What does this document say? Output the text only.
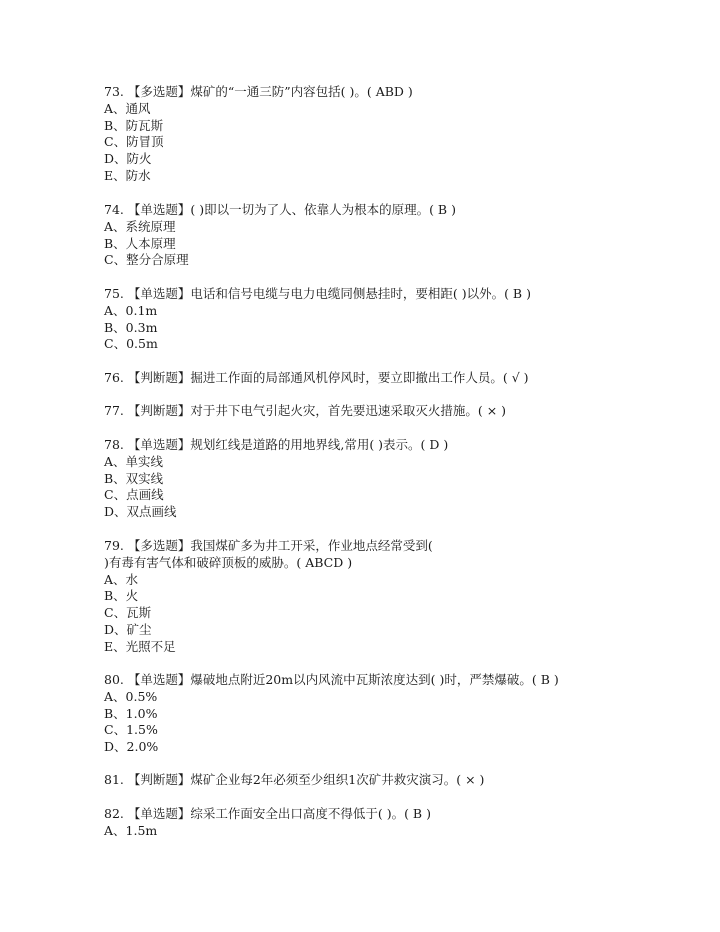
73. 【多选题】煤矿的“一通三防”内容包括( )。( ABD )
A、通风
B、防瓦斯
C、防冒顶
D、防火
E、防水
74. 【单选题】( )即以一切为了人、依靠人为根本的原理。( B )
A、系统原理
B、人本原理
C、整分合原理
75. 【单选题】电话和信号电缆与电力电缆同侧悬挂时，要相距( )以外。( B )
A、0.1m
B、0.3m
C、0.5m
76. 【判断题】掘进工作面的局部通风机停风时，要立即撤出工作人员。( √ )
77. 【判断题】对于井下电气引起火灾，首先要迅速采取灭火措施。( × )
78. 【单选题】规划红线是道路的用地界线,常用( )表示。( D )
A、单实线
B、双实线
C、点画线
D、双点画线
79. 【多选题】我国煤矿多为井工开采，作业地点经常受到(
)有毒有害气体和破碎顶板的威胁。( ABCD )
A、水
B、火
C、瓦斯
D、矿尘
E、光照不足
80. 【单选题】爆破地点附近20m以内风流中瓦斯浓度达到( )时，严禁爆破。( B )
A、0.5%
B、1.0%
C、1.5%
D、2.0%
81. 【判断题】煤矿企业每2年必须至少组织1次矿井救灾演习。( × )
82. 【单选题】综采工作面安全出口高度不得低于( )。( B )
A、1.5m
